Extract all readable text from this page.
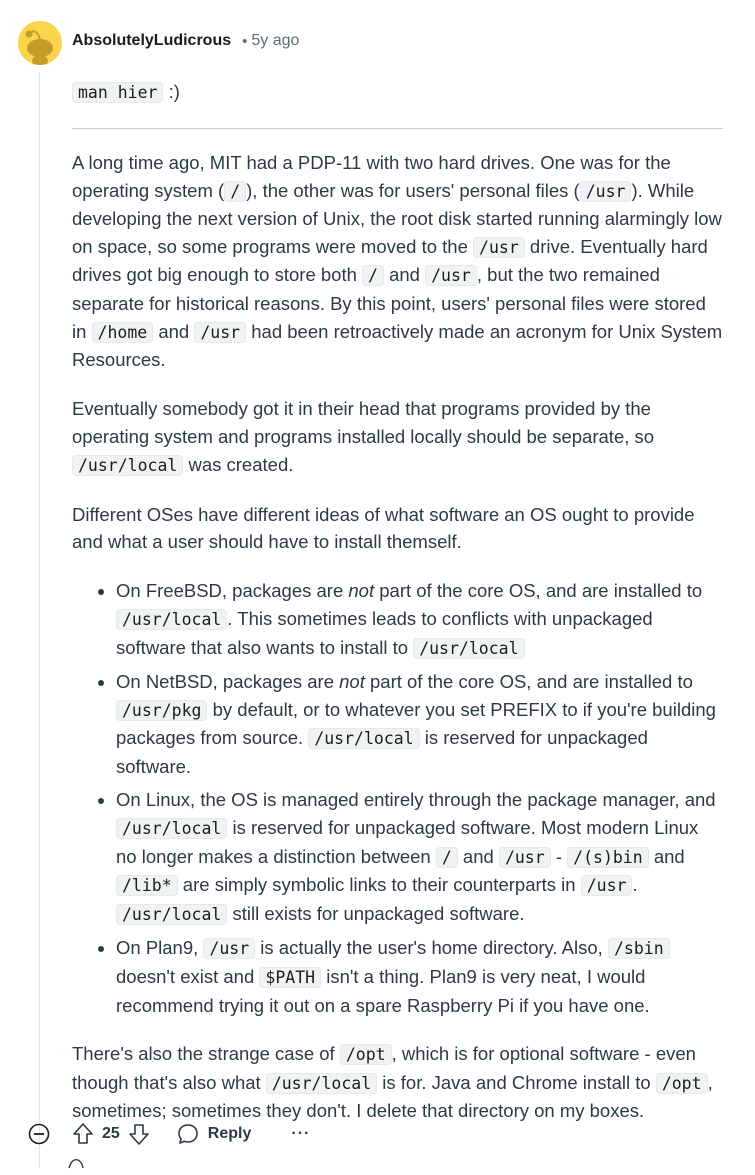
AbsolutelyLudicrous • 5y ago

man hier :)

A long time ago, MIT had a PDP-11 with two hard drives. One was for the operating system ( / ), the other was for users' personal files ( /usr ). While developing the next version of Unix, the root disk started running alarmingly low on space, so some programs were moved to the /usr drive. Eventually hard drives got big enough to store both / and /usr , but the two remained separate for historical reasons. By this point, users' personal files were stored in /home and /usr had been retroactively made an acronym for Unix System Resources.

Eventually somebody got it in their head that programs provided by the operating system and programs installed locally should be separate, so /usr/local was created.

Different OSes have different ideas of what software an OS ought to provide and what a user should have to install themself.

• On FreeBSD, packages are not part of the core OS, and are installed to /usr/local . This sometimes leads to conflicts with unpackaged software that also wants to install to /usr/local
• On NetBSD, packages are not part of the core OS, and are installed to /usr/pkg by default, or to whatever you set PREFIX to if you're building packages from source. /usr/local is reserved for unpackaged software.
• On Linux, the OS is managed entirely through the package manager, and /usr/local is reserved for unpackaged software. Most modern Linux no longer makes a distinction between / and /usr - /(s)bin and /lib* are simply symbolic links to their counterparts in /usr . /usr/local still exists for unpackaged software.
• On Plan9, /usr is actually the user's home directory. Also, /sbin doesn't exist and $PATH isn't a thing. Plan9 is very neat, I would recommend trying it out on a spare Raspberry Pi if you have one.

There's also the strange case of /opt , which is for optional software - even though that's also what /usr/local is for. Java and Chrome install to /opt , sometimes; sometimes they don't. I delete that directory on my boxes.

25	Reply	···
